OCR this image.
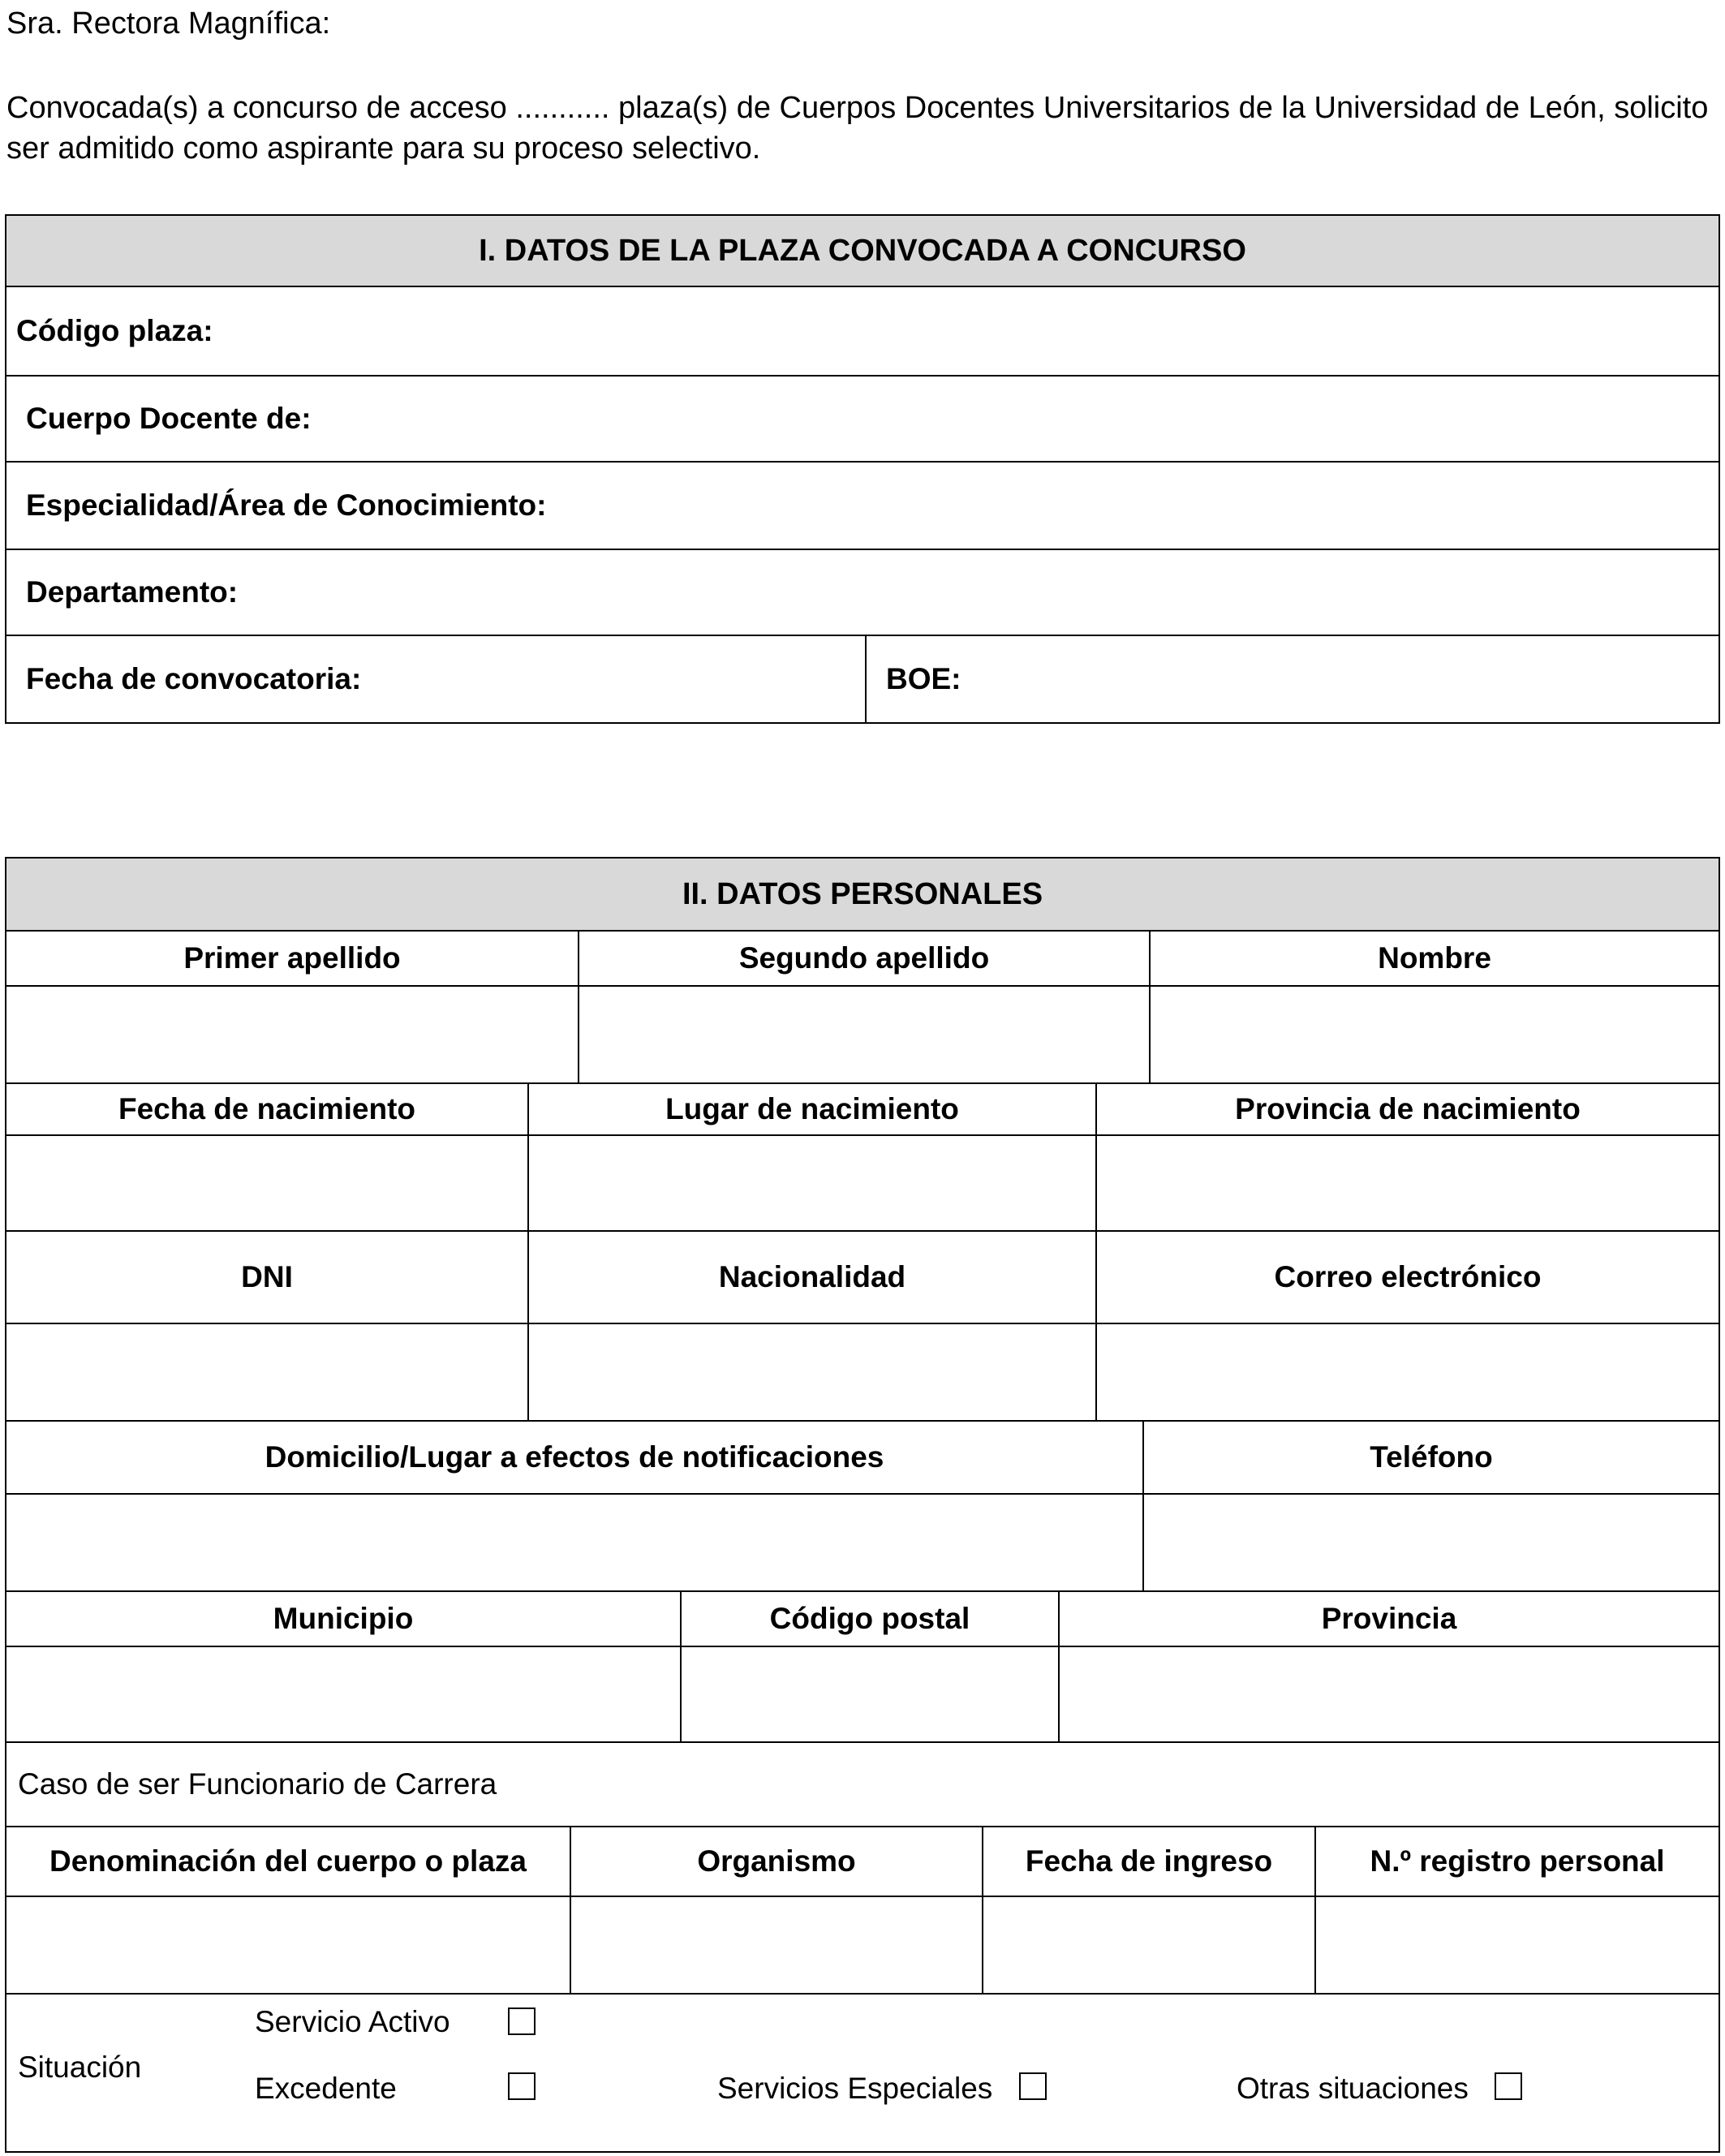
Sra. Rectora Magnífica:
Convocada(s) a concurso de acceso ........... plaza(s) de Cuerpos Docentes Universitarios de la Universidad de León, solicito ser admitido como aspirante para su proceso selectivo.
I. DATOS DE LA PLAZA CONVOCADA A CONCURSO
Código plaza:
Cuerpo Docente de:
Especialidad/Área de Conocimiento:
Departamento:
Fecha de convocatoria:	BOE:
II. DATOS PERSONALES
Primer apellido	Segundo apellido	Nombre
Fecha de nacimiento	Lugar de nacimiento	Provincia de nacimiento
DNI	Nacionalidad	Correo electrónico
Domicilio/Lugar a efectos de notificaciones	Teléfono
Municipio	Código postal	Provincia
Caso de ser Funcionario de Carrera
Denominación del cuerpo o plaza	Organismo	Fecha de ingreso	N.º registro personal
Situación
Servicio Activo
Excedente	Servicios Especiales	Otras situaciones
